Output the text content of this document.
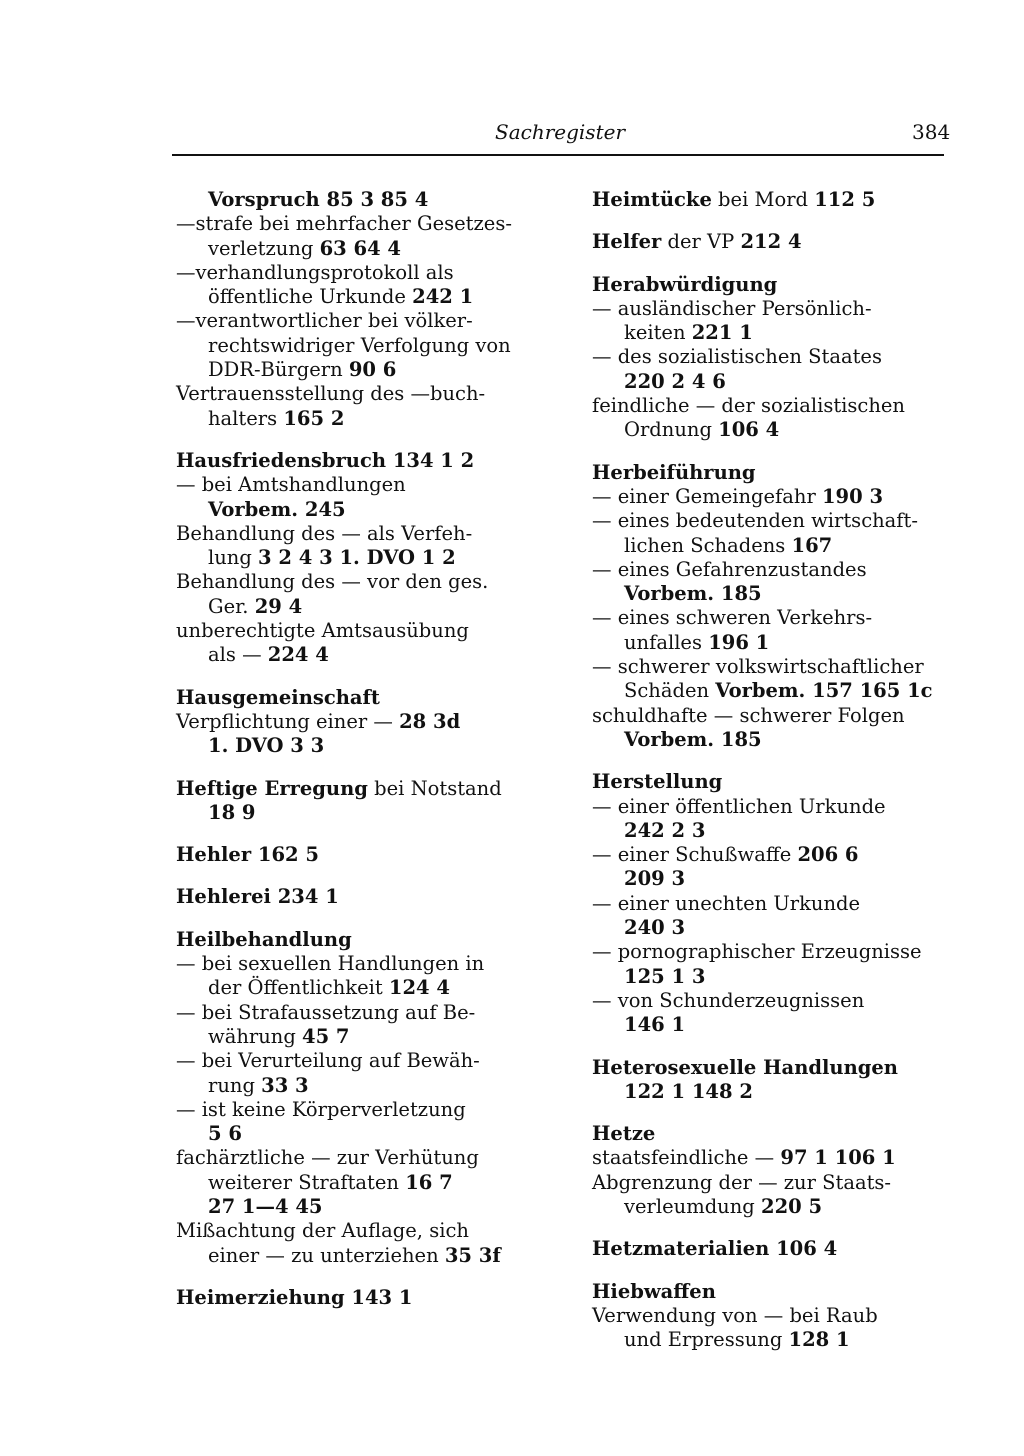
Sachregister	384
Vorspruch 85 3 85 4
—strafe bei mehrfacher Gesetzes-
verletzung 63 64 4
—verhandlungsprotokoll als
öffentliche Urkunde 242 1
—verantwortlicher bei völker-
rechtswidriger Verfolgung von
DDR-Bürgern 90 6
Vertrauensstellung des —buch-
halters 165 2
Hausfriedensbruch 134 1 2
— bei Amtshandlungen
Vorbem. 245
Behandlung des — als Verfeh-
lung 3 2 4 3 1. DVO 1 2
Behandlung des — vor den ges.
Ger. 29 4
unberechtigte Amtsausübung
als — 224 4
Hausgemeinschaft
Verpflichtung einer — 28 3d
1. DVO 3 3
Heftige Erregung bei Notstand
18 9
Hehler 162 5
Hehlerei 234 1
Heilbehandlung
— bei sexuellen Handlungen in
der Öffentlichkeit 124 4
— bei Strafaussetzung auf Be-
währung 45 7
— bei Verurteilung auf Bewäh-
rung 33 3
— ist keine Körperverletzung
5 6
fachärztliche — zur Verhütung
weiterer Straftaten 16 7
27 1—4 45
Mißachtung der Auflage, sich
einer — zu unterziehen 35 3f
Heimerziehung 143 1
Heimtücke bei Mord 112 5
Helfer der VP 212 4
Herabwürdigung
— ausländischer Persönlich-
keiten 221 1
— des sozialistischen Staates
220 2 4 6
feindliche — der sozialistischen
Ordnung 106 4
Herbeiführung
— einer Gemeingefahr 190 3
— eines bedeutenden wirtschaft-
lichen Schadens 167
— eines Gefahrenzustandes
Vorbem. 185
— eines schweren Verkehrs-
unfalles 196 1
— schwerer volkswirtschaftlicher
Schäden Vorbem. 157 165 1c
schuldhafte — schwerer Folgen
Vorbem. 185
Herstellung
— einer öffentlichen Urkunde
242 2 3
— einer Schußwaffe 206 6
209 3
— einer unechten Urkunde
240 3
— pornographischer Erzeugnisse
125 1 3
— von Schunderzeugnissen
146 1
Heterosexuelle Handlungen
122 1 148 2
Hetze
staatsfeindliche — 97 1 106 1
Abgrenzung der — zur Staats-
verleumdung 220 5
Hetzmaterialien 106 4
Hiebwaffen
Verwendung von — bei Raub
und Erpressung 128 1
